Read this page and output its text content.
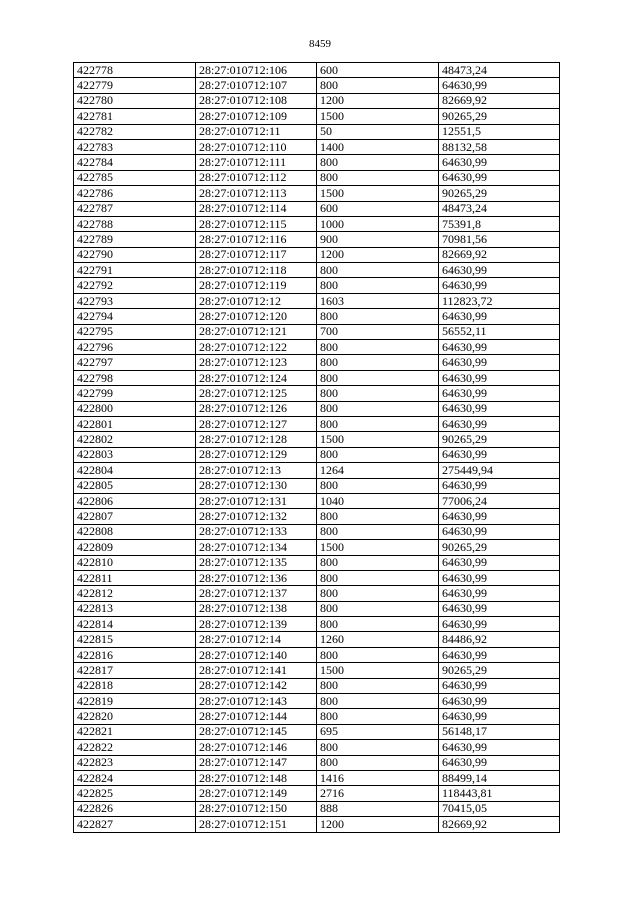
8459
422778	28:27:010712:106	600	48473,24
422779	28:27:010712:107	800	64630,99
422780	28:27:010712:108	1200	82669,92
422781	28:27:010712:109	1500	90265,29
422782	28:27:010712:11	50	12551,5
422783	28:27:010712:110	1400	88132,58
422784	28:27:010712:111	800	64630,99
422785	28:27:010712:112	800	64630,99
422786	28:27:010712:113	1500	90265,29
422787	28:27:010712:114	600	48473,24
422788	28:27:010712:115	1000	75391,8
422789	28:27:010712:116	900	70981,56
422790	28:27:010712:117	1200	82669,92
422791	28:27:010712:118	800	64630,99
422792	28:27:010712:119	800	64630,99
422793	28:27:010712:12	1603	112823,72
422794	28:27:010712:120	800	64630,99
422795	28:27:010712:121	700	56552,11
422796	28:27:010712:122	800	64630,99
422797	28:27:010712:123	800	64630,99
422798	28:27:010712:124	800	64630,99
422799	28:27:010712:125	800	64630,99
422800	28:27:010712:126	800	64630,99
422801	28:27:010712:127	800	64630,99
422802	28:27:010712:128	1500	90265,29
422803	28:27:010712:129	800	64630,99
422804	28:27:010712:13	1264	275449,94
422805	28:27:010712:130	800	64630,99
422806	28:27:010712:131	1040	77006,24
422807	28:27:010712:132	800	64630,99
422808	28:27:010712:133	800	64630,99
422809	28:27:010712:134	1500	90265,29
422810	28:27:010712:135	800	64630,99
422811	28:27:010712:136	800	64630,99
422812	28:27:010712:137	800	64630,99
422813	28:27:010712:138	800	64630,99
422814	28:27:010712:139	800	64630,99
422815	28:27:010712:14	1260	84486,92
422816	28:27:010712:140	800	64630,99
422817	28:27:010712:141	1500	90265,29
422818	28:27:010712:142	800	64630,99
422819	28:27:010712:143	800	64630,99
422820	28:27:010712:144	800	64630,99
422821	28:27:010712:145	695	56148,17
422822	28:27:010712:146	800	64630,99
422823	28:27:010712:147	800	64630,99
422824	28:27:010712:148	1416	88499,14
422825	28:27:010712:149	2716	118443,81
422826	28:27:010712:150	888	70415,05
422827	28:27:010712:151	1200	82669,92
